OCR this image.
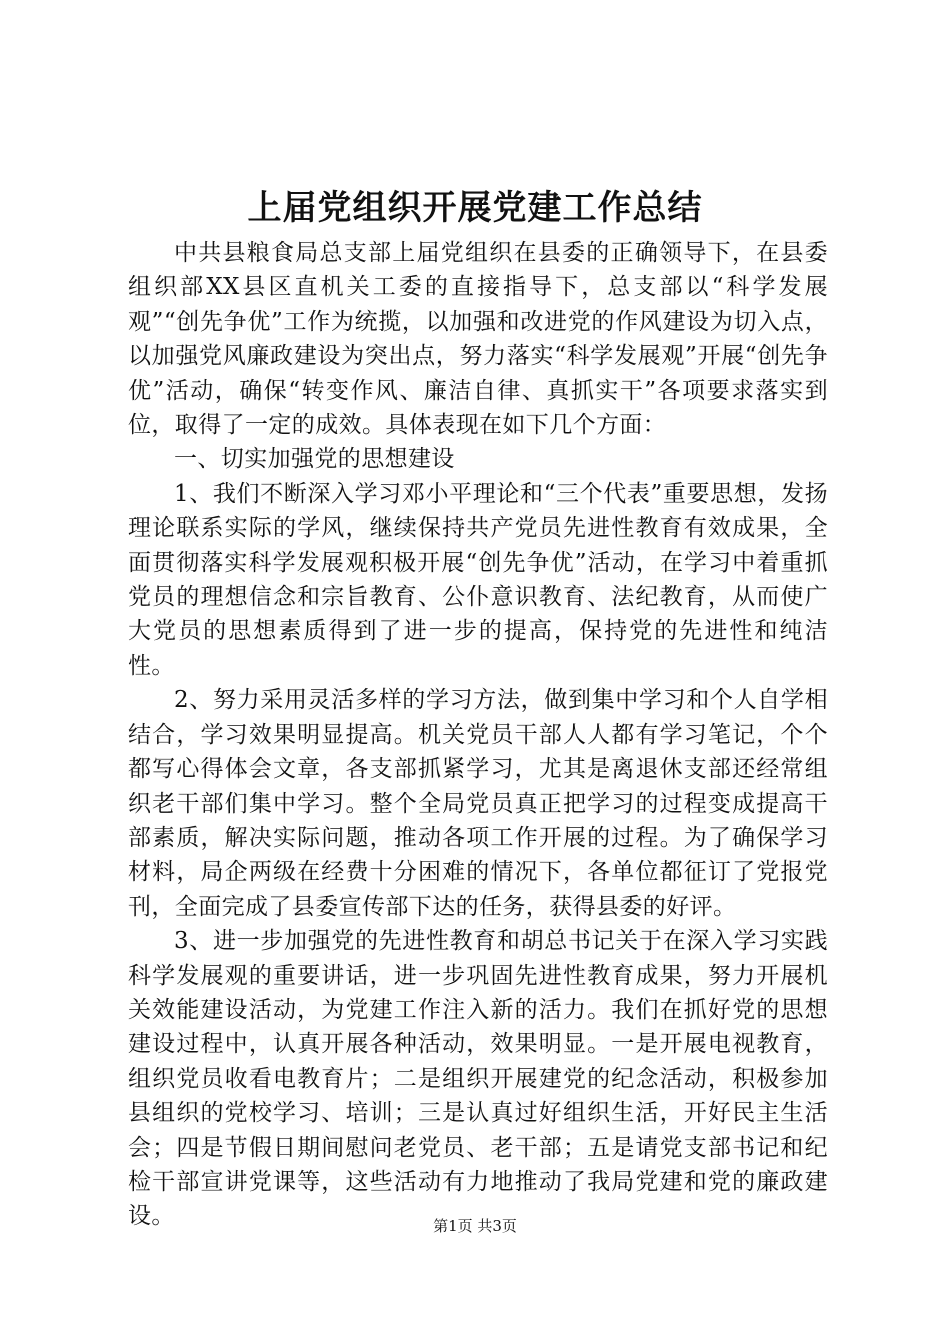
上届党组织开展党建工作总结

中共县粮食局总支部上届党组织在县委的正确领导下，在县委组织部XX县区直机关工委的直接指导下，总支部以“科学发展观”“创先争优”工作为统揽，以加强和改进党的作风建设为切入点，以加强党风廉政建设为突出点，努力落实“科学发展观”开展“创先争优”活动，确保“转变作风、廉洁自律、真抓实干”各项要求落实到位，取得了一定的成效。具体表现在如下几个方面：

一、切实加强党的思想建设

1、我们不断深入学习邓小平理论和“三个代表”重要思想，发扬理论联系实际的学风，继续保持共产党员先进性教育有效成果，全面贯彻落实科学发展观积极开展“创先争优”活动，在学习中着重抓党员的理想信念和宗旨教育、公仆意识教育、法纪教育，从而使广大党员的思想素质得到了进一步的提高，保持党的先进性和纯洁性。

2、努力采用灵活多样的学习方法，做到集中学习和个人自学相结合，学习效果明显提高。机关党员干部人人都有学习笔记，个个都写心得体会文章，各支部抓紧学习，尤其是离退休支部还经常组织老干部们集中学习。整个全局党员真正把学习的过程变成提高干部素质，解决实际问题，推动各项工作开展的过程。为了确保学习材料，局企两级在经费十分困难的情况下，各单位都征订了党报党刊，全面完成了县委宣传部下达的任务，获得县委的好评。

3、进一步加强党的先进性教育和胡总书记关于在深入学习实践科学发展观的重要讲话，进一步巩固先进性教育成果，努力开展机关效能建设活动，为党建工作注入新的活力。我们在抓好党的思想建设过程中，认真开展各种活动，效果明显。一是开展电视教育，组织党员收看电教育片；二是组织开展建党的纪念活动，积极参加县组织的党校学习、培训；三是认真过好组织生活，开好民主生活会；四是节假日期间慰问老党员、老干部；五是请党支部书记和纪检干部宣讲党课等，这些活动有力地推动了我局党建和党的廉政建设。	第1页 共3页
